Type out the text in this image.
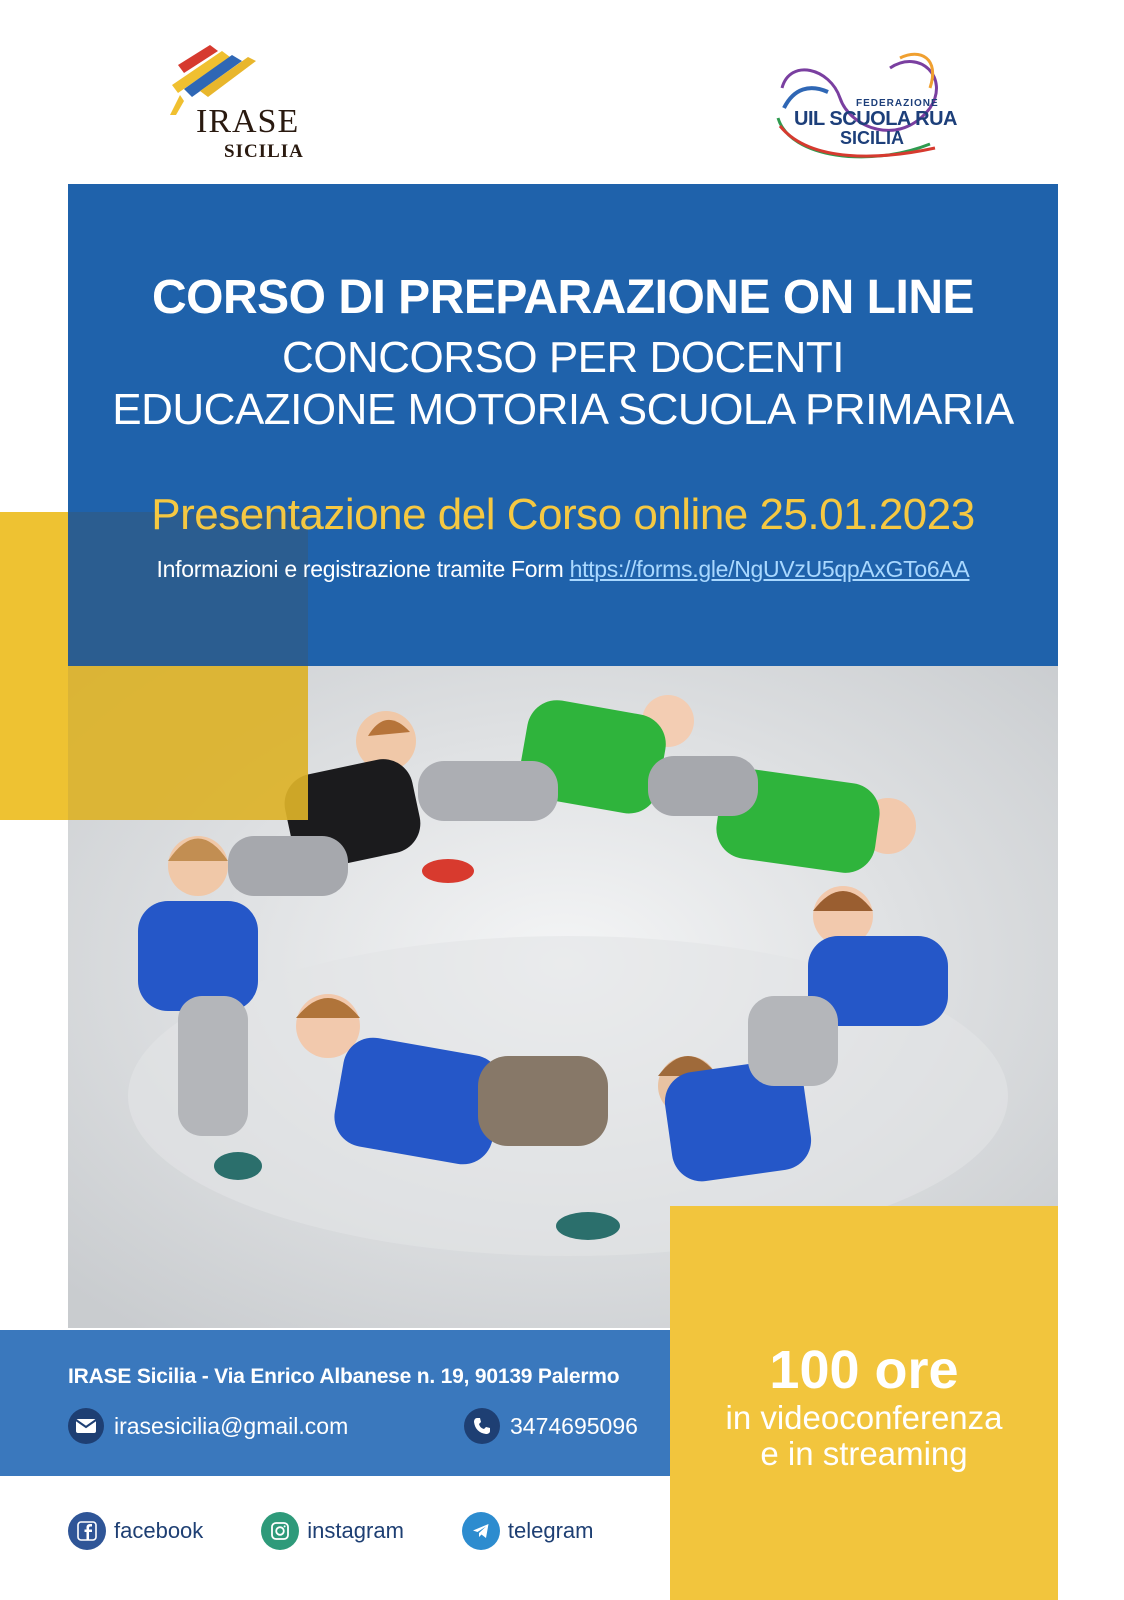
IRASE
SICILIA
FEDERAZIONE
UIL SCUOLA RUA
SICILIA
CORSO DI PREPARAZIONE ON LINE
CONCORSO PER DOCENTI
EDUCAZIONE MOTORIA SCUOLA PRIMARIA
Presentazione del Corso online 25.01.2023
Informazioni e registrazione tramite Form https://forms.gle/NgUVzU5qpAxGTo6AA
IRASE Sicilia - Via Enrico Albanese n. 19, 90139 Palermo
irasesicilia@gmail.com	3474695096
100 ore
in videoconferenza
e in streaming
facebook	instagram	telegram
